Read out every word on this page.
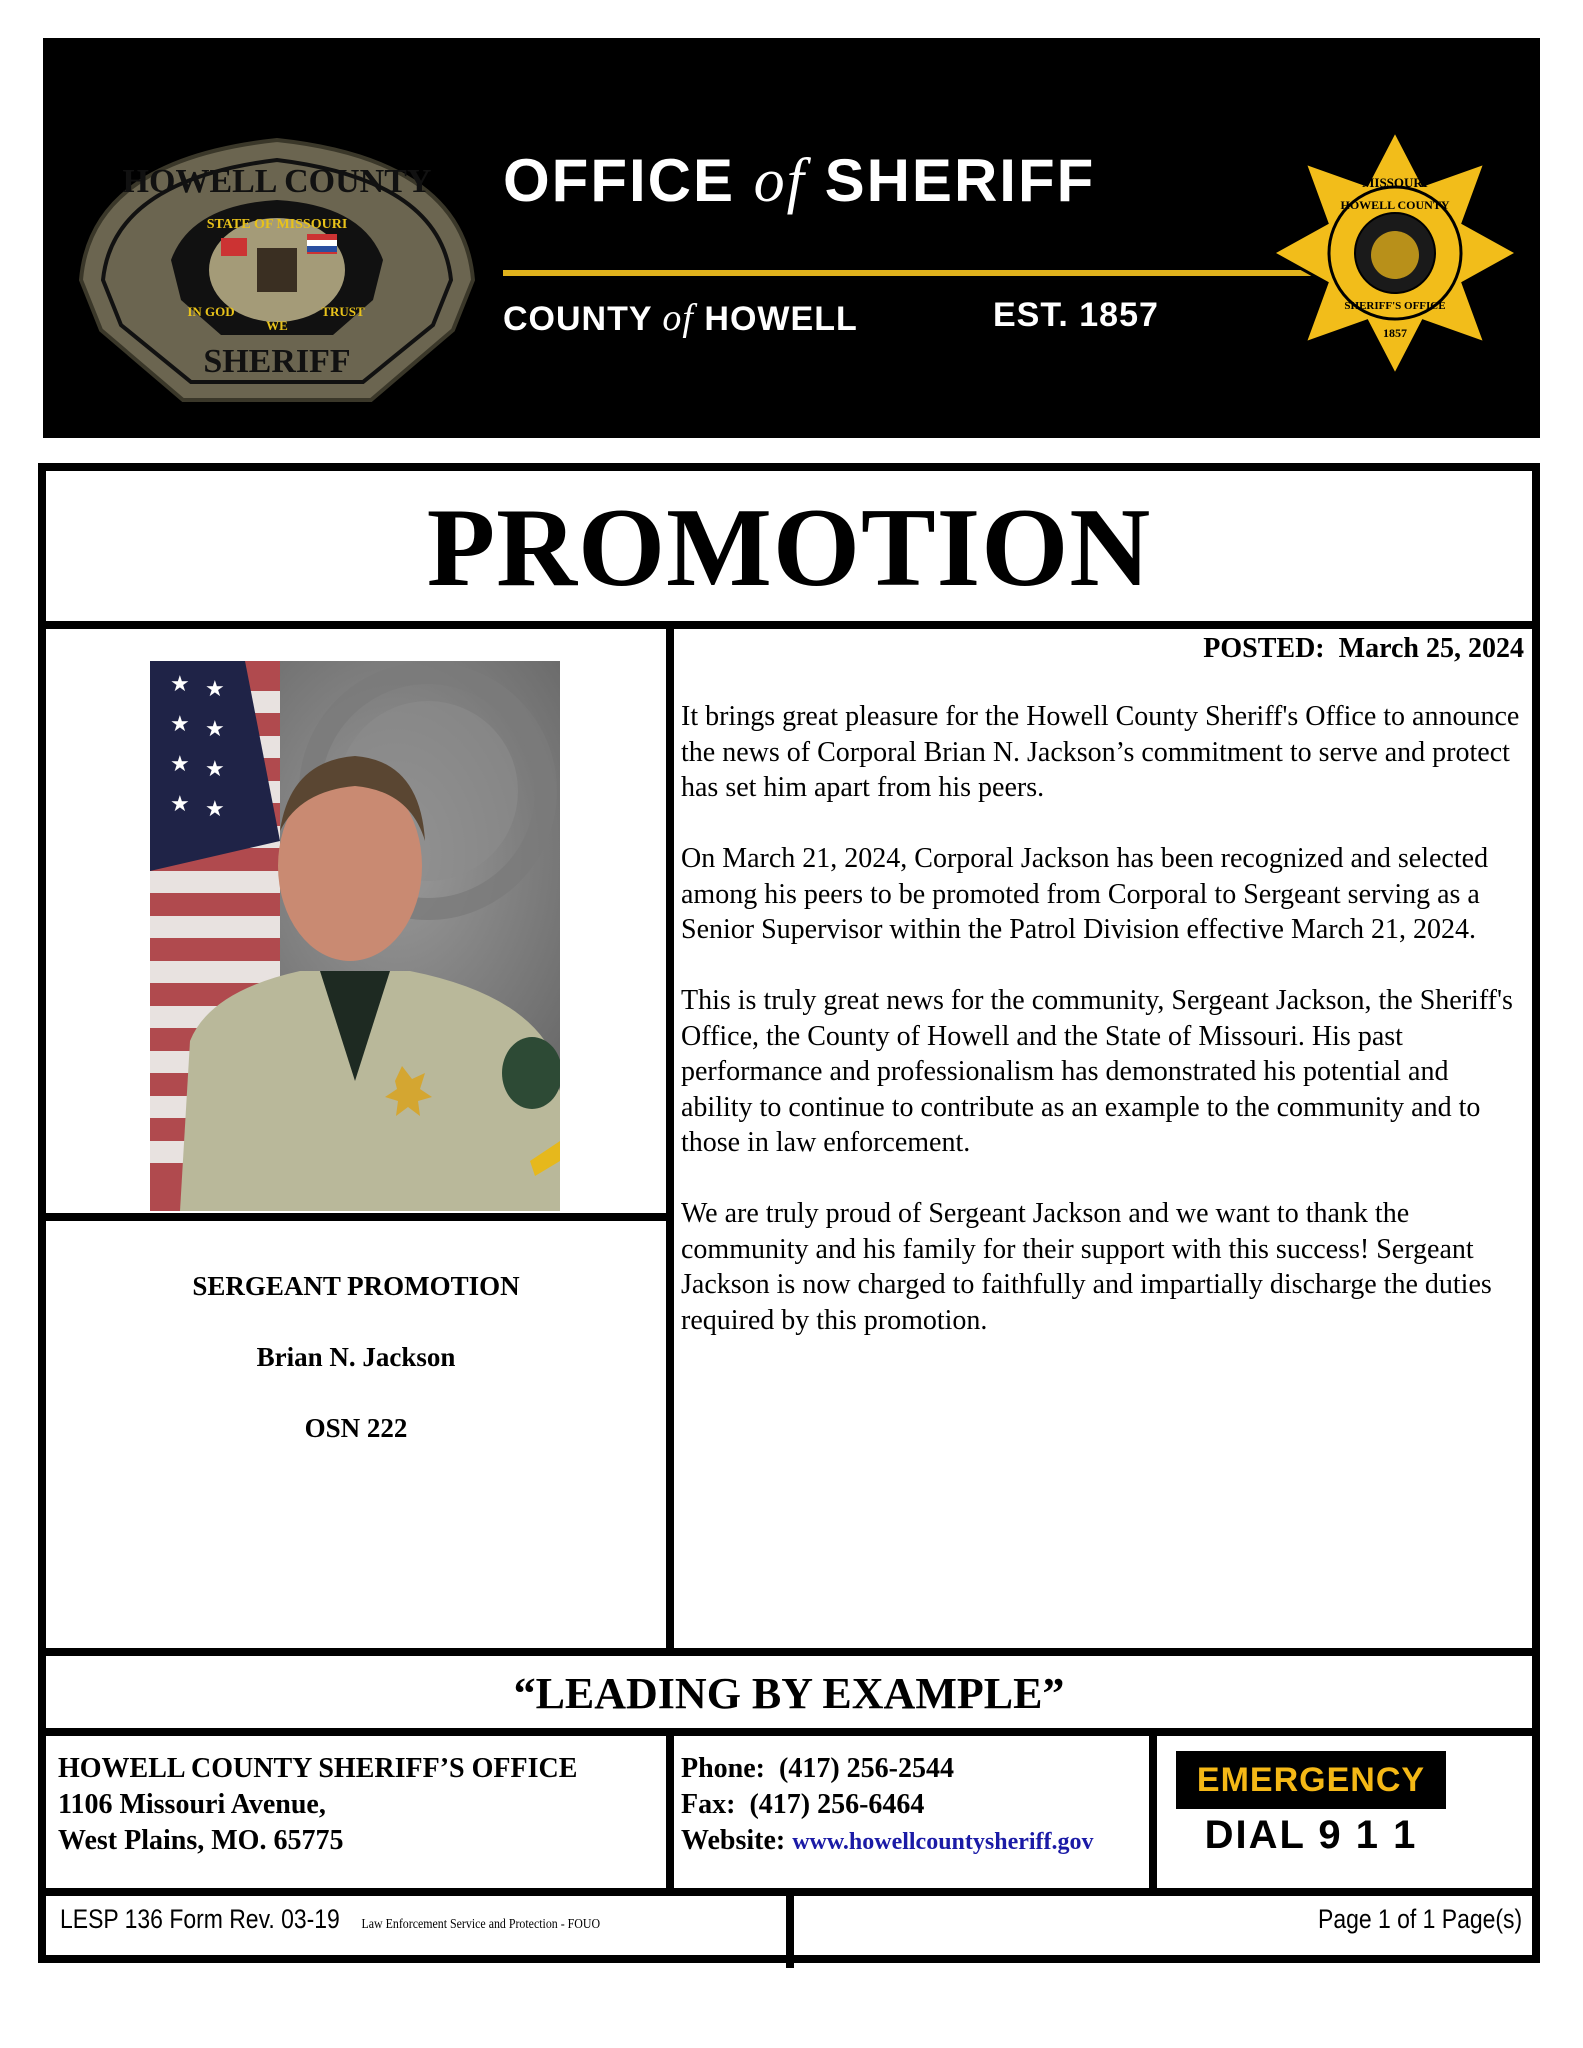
HOWELL COUNTY
STATE OF MISSOURI
IN GOD
WE
TRUST
SHERIFF
OFFICE of SHERIFF
COUNTY of HOWELL	EST. 1857
MISSOURI
HOWELL COUNTY
SHERIFF'S OFFICE
1857
PROMOTION
★ ★
★ ★
★ ★
★ ★
SERGEANT PROMOTION
Brian N. Jackson
OSN 222
POSTED: March 25, 2024

It brings great pleasure for the Howell County Sheriff's Office to announce the news of Corporal Brian N. Jackson’s commitment to serve and protect has set him apart from his peers.

On March 21, 2024, Corporal Jackson has been recognized and selected among his peers to be promoted from Corporal to Sergeant serving as a Senior Supervisor within the Patrol Division effective March 21, 2024.

This is truly great news for the community, Sergeant Jackson, the Sheriff's Office, the County of Howell and the State of Missouri. His past performance and professionalism has demonstrated his potential and ability to continue to contribute as an example to the community and to those in law enforcement.

We are truly proud of Sergeant Jackson and we want to thank the community and his family for their support with this success! Sergeant Jackson is now charged to faithfully and impartially discharge the duties required by this promotion.

“LEADING BY EXAMPLE”
HOWELL COUNTY SHERIFF’S OFFICE
1106 Missouri Avenue,
West Plains, MO. 65775
Phone: (417) 256-2544
Fax: (417) 256-6464
Website: www.howellcountysheriff.gov
EMERGENCY
DIAL 9 1 1
LESP 136 Form Rev. 03-19 Law Enforcement Service and Protection - FOUO	Page 1 of 1 Page(s)
